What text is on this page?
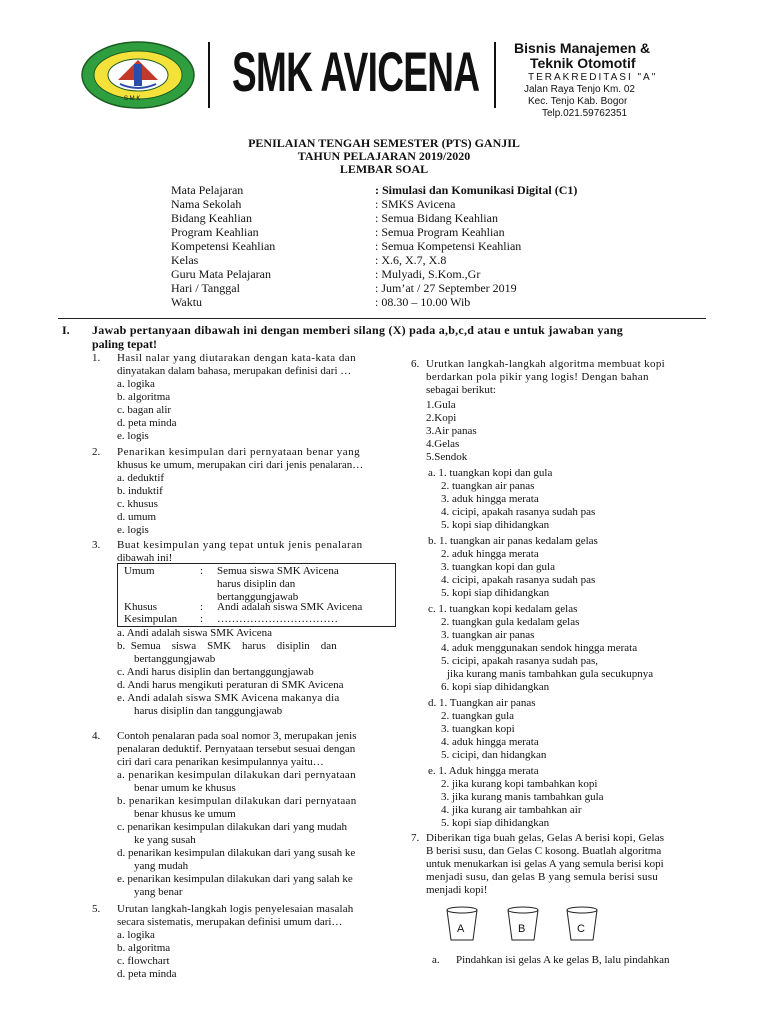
S M K SMK AVICENA Bisnis Manajemen &
Teknik Otomotif
TERAKREDITASI "A"
Jalan Raya Tenjo Km. 02
Kec. Tenjo Kab. Bogor
Telp.021.59762351
PENILAIAN TENGAH SEMESTER (PTS) GANJIL
TAHUN PELAJARAN 2019/2020
LEMBAR SOAL
Mata Pelajaran	: Simulasi dan Komunikasi Digital (C1)
Nama Sekolah	: SMKS Avicena
Bidang Keahlian	: Semua Bidang Keahlian
Program Keahlian	: Semua Program Keahlian
Kompetensi Keahlian	: Semua Kompetensi Keahlian
Kelas	: X.6, X.7, X.8
Guru Mata Pelajaran	: Mulyadi, S.Kom.,Gr
Hari / Tanggal	: Jum’at / 27 September 2019
Waktu	: 08.30 – 10.00 Wib
I. Jawab pertanyaan dibawah ini dengan memberi silang (X) pada a,b,c,d atau e untuk jawaban yang
paling tepat!
1. Hasil nalar yang diutarakan dengan kata-kata dan
dinyatakan dalam bahasa, merupakan definisi dari …
a. logika
b. algoritma
c. bagan alir
d. peta minda
e. logis
2. Penarikan kesimpulan dari pernyataan benar yang
khusus ke umum, merupakan ciri dari jenis penalaran…
a. deduktif
b. induktif
c. khusus
d. umum
e. logis
3. Buat kesimpulan yang tepat untuk jenis penalaran
dibawah ini!
Umum	: Semua siswa SMK Avicena
harus disiplin dan
bertanggungjawab
Khusus	: Andi adalah siswa SMK Avicena
Kesimpulan : ……………………………
a. Andi adalah siswa SMK Avicena
b.  Semua    siswa    SMK    harus    disiplin    dan
bertanggungjawab
c. Andi harus disiplin dan bertanggungjawab
d. Andi harus mengikuti peraturan di SMK Avicena
e. Andi adalah siswa SMK Avicena makanya dia
harus disiplin dan tanggungjawab
4. Contoh penalaran pada soal nomor 3, merupakan jenis
penalaran deduktif. Pernyataan tersebut sesuai dengan
ciri dari cara penarikan kesimpulannya yaitu…
a. penarikan kesimpulan dilakukan dari pernyataan
benar umum ke khusus
b. penarikan kesimpulan dilakukan dari pernyataan
benar khusus ke umum
c. penarikan kesimpulan dilakukan dari yang mudah
ke yang susah
d. penarikan kesimpulan dilakukan dari yang susah ke
yang mudah
e. penarikan kesimpulan dilakukan dari yang salah ke
yang benar
5. Urutan langkah-langkah logis penyelesaian masalah
secara sistematis, merupakan definisi umum dari…
a. logika
b. algoritma
c. flowchart
d. peta minda
6. Urutkan langkah-langkah algoritma membuat kopi
berdarkan pola pikir yang logis! Dengan bahan
sebagai berikut:
1.Gula
2.Kopi
3.Air panas
4.Gelas
5.Sendok
a. 1. tuangkan kopi dan gula
2. tuangkan air panas
3. aduk hingga merata
4. cicipi, apakah rasanya sudah pas
5. kopi siap dihidangkan
b. 1. tuangkan air panas kedalam gelas
2. aduk hingga merata
3. tuangkan kopi dan gula
4. cicipi, apakah rasanya sudah pas
5. kopi siap dihidangkan
c. 1. tuangkan kopi kedalam gelas
2. tuangkan gula kedalam gelas
3. tuangkan air panas
4. aduk menggunakan sendok hingga merata
5. cicipi, apakah rasanya sudah pas,
jika kurang manis tambahkan gula secukupnya
6. kopi siap dihidangkan
d. 1. Tuangkan air panas
2. tuangkan gula
3. tuangkan kopi
4. aduk hingga merata
5. cicipi, dan hidangkan
e. 1. Aduk hingga merata
2. jika kurang kopi tambahkan kopi
3. jika kurang manis tambahkan gula
4. jika kurang air tambahkan air
5. kopi siap dihidangkan
7. Diberikan tiga buah gelas, Gelas A berisi kopi, Gelas
B berisi susu, dan Gelas C kosong. Buatlah algoritma
untuk menukarkan isi gelas A yang semula berisi kopi
menjadi susu, dan gelas B yang semula berisi susu
menjadi kopi!
A	B	C
a. Pindahkan isi gelas A ke gelas B, lalu pindahkan
